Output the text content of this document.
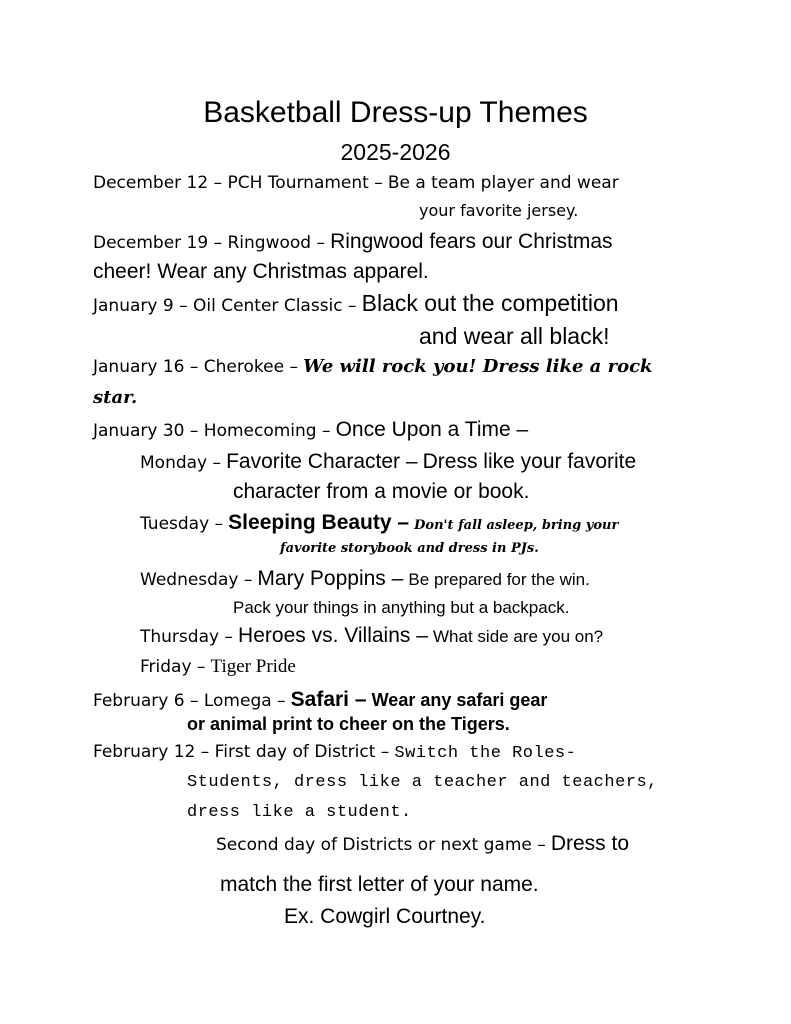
Basketball Dress-up Themes
2025-2026
December 12 – PCH Tournament – Be a team player and wear
your favorite jersey.
December 19 – Ringwood – Ringwood fears our Christmas
cheer! Wear any Christmas apparel.
January 9 – Oil Center Classic – Black out the competition
and wear all black!
January 16 – Cherokee – We will rock you! Dress like a rock
star.
January 30 – Homecoming – Once Upon a Time –
Monday – Favorite Character – Dress like your favorite
character from a movie or book.
Tuesday – Sleeping Beauty – Don't fall asleep, bring your
favorite storybook and dress in PJs.
Wednesday – Mary Poppins – Be prepared for the win.
Pack your things in anything but a backpack.
Thursday – Heroes vs. Villains – What side are you on?
Friday – Tiger Pride
February 6 – Lomega – Safari – Wear any safari gear
or animal print to cheer on the Tigers.
February 12 – First day of District – Switch the Roles-
Students, dress like a teacher and teachers,
dress like a student.
Second day of Districts or next game – Dress to
match the first letter of your name.
Ex. Cowgirl Courtney.
